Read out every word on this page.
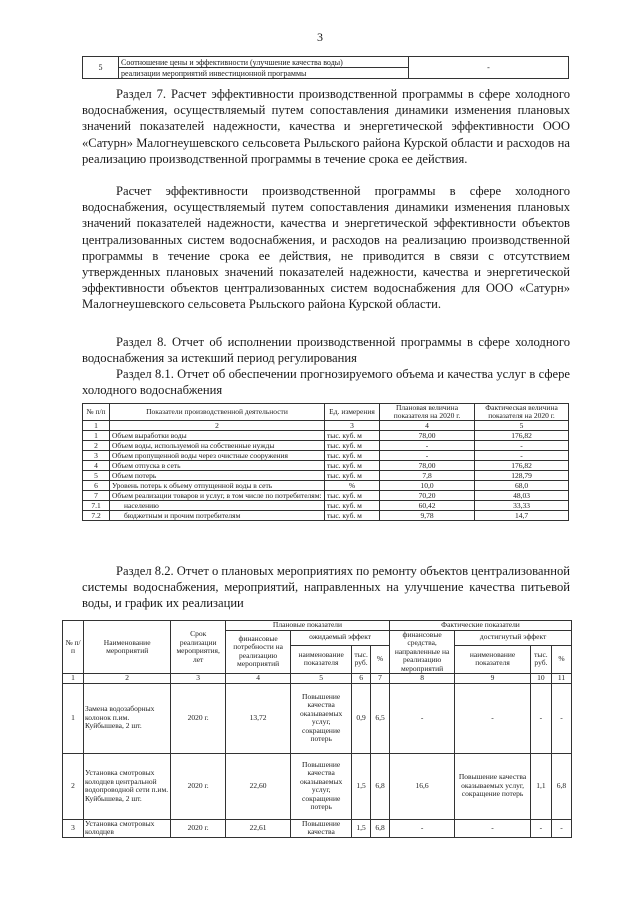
3
5	Соотношение цены и эффективности (улучшение качества воды)	-
реализации мероприятий инвестиционной программы

Раздел 7. Расчет эффективности производственной программы в сфере холодного водоснабжения, осуществляемый путем сопоставления динамики изменения плановых значений показателей надежности, качества и энергетической эффективности ООО «Сатурн» Малогнеушевского сельсовета Рыльского района Курской области и расходов на реализацию производственной программы в течение срока ее действия.

Расчет эффективности производственной программы в сфере холодного водоснабжения, осуществляемый путем сопоставления динамики изменения плановых значений показателей надежности, качества и энергетической эффективности объектов централизованных систем водоснабжения, и расходов на реализацию производственной программы в течение срока ее действия, не приводится в связи с отсутствием утвержденных плановых значений показателей надежности, качества и энергетической эффективности объектов централизованных систем водоснабжения для ООО «Сатурн» Малогнеушевского сельсовета Рыльского района Курской области.

Раздел 8. Отчет об исполнении производственной программы в сфере холодного водоснабжения за истекший период регулирования

Раздел 8.1. Отчет об обеспечении прогнозируемого объема и качества услуг в сфере холодного водоснабжения

№ п/п	Показатели производственной деятельности	Ед. измерения	Плановая величина показателя на 2020 г.	Фактическая величина показателя на 2020 г.
1	2	3	4	5
1	Объем выработки воды	тыс. куб. м	78,00	176,82
2	Объем воды, используемой на собственные нужды	тыс. куб. м	-	-
3	Объем пропущенной воды через очистные сооружения	тыс. куб. м	-	-
4	Объем отпуска в сеть	тыс. куб. м	78,00	176,82
5	Объем потерь	тыс. куб. м	7,8	128,79
6	Уровень потерь к объему отпущенной воды в сеть	%	10,0	68,0
7	Объем реализации товаров и услуг, в том числе по потребителям:	тыс. куб. м	70,20	48,03
7.1	населению	тыс. куб. м	60,42	33,33
7.2	бюджетным и прочим потребителям	тыс. куб. м	9,78	14,7

Раздел 8.2. Отчет о плановых мероприятиях по ремонту объектов централизованной системы водоснабжения, мероприятий, направленных на улучшение качества питьевой воды, и график их реализации

№ п/п	Наименование мероприятий	Срок реализации мероприятия, лет	Плановые показатели				Фактические показатели			
			финансовые потребности на реализацию мероприятий	ожидаемый эффект			финансовые средства, направленные на реализацию мероприятий	достигнутый эффект		
				наименование показателя	тыс. руб.	%		наименование показателя	тыс. руб.	%
1	2	3	4	5	6	7	8	9	10	11
1	Замена водозаборных колонок п.им. Куйбышева, 2 шт.	2020 г.	13,72	Повышение качества оказываемых услуг, сокращение потерь	0,9	6,5	-	-	-	-
2	Установка смотровых колодцев центральной водопроводной сети п.им. Куйбышева, 2 шт.	2020 г.	22,60	Повышение качества оказываемых услуг, сокращение потерь	1,5	6,8	16,6	Повышение качества оказываемых услуг, сокращение потерь	1,1	6,8
3	Установка смотровых колодцев	2020 г.	22,61	Повышение качества	1,5	6,8	-	-	-	-
